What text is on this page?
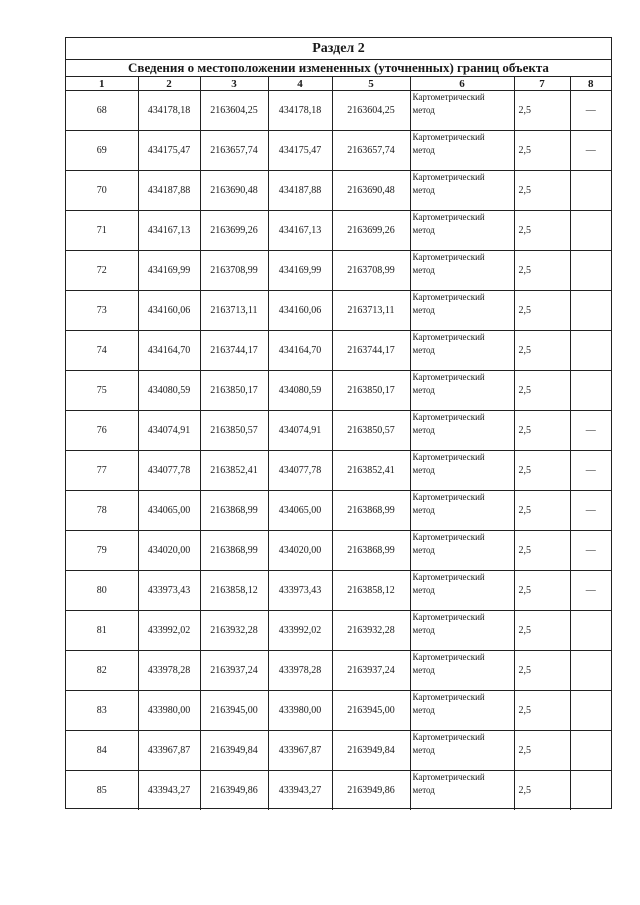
Раздел 2
Сведения о местоположении измененных (уточненных) границ объекта
1	2	3	4	5	6	7	8
68	434178,18	2163604,25	434178,18	2163604,25	Картометрический
метод	2,5	—
69	434175,47	2163657,74	434175,47	2163657,74	Картометрический
метод	2,5	—
70	434187,88	2163690,48	434187,88	2163690,48	Картометрический
метод	2,5	
71	434167,13	2163699,26	434167,13	2163699,26	Картометрический
метод	2,5	
72	434169,99	2163708,99	434169,99	2163708,99	Картометрический
метод	2,5	
73	434160,06	2163713,11	434160,06	2163713,11	Картометрический
метод	2,5	
74	434164,70	2163744,17	434164,70	2163744,17	Картометрический
метод	2,5	
75	434080,59	2163850,17	434080,59	2163850,17	Картометрический
метод	2,5	
76	434074,91	2163850,57	434074,91	2163850,57	Картометрический
метод	2,5	—
77	434077,78	2163852,41	434077,78	2163852,41	Картометрический
метод	2,5	—
78	434065,00	2163868,99	434065,00	2163868,99	Картометрический
метод	2,5	—
79	434020,00	2163868,99	434020,00	2163868,99	Картометрический
метод	2,5	—
80	433973,43	2163858,12	433973,43	2163858,12	Картометрический
метод	2,5	—
81	433992,02	2163932,28	433992,02	2163932,28	Картометрический
метод	2,5	
82	433978,28	2163937,24	433978,28	2163937,24	Картометрический
метод	2,5	
83	433980,00	2163945,00	433980,00	2163945,00	Картометрический
метод	2,5	
84	433967,87	2163949,84	433967,87	2163949,84	Картометрический
метод	2,5	
85	433943,27	2163949,86	433943,27	2163949,86	Картометрический
метод	2,5	
